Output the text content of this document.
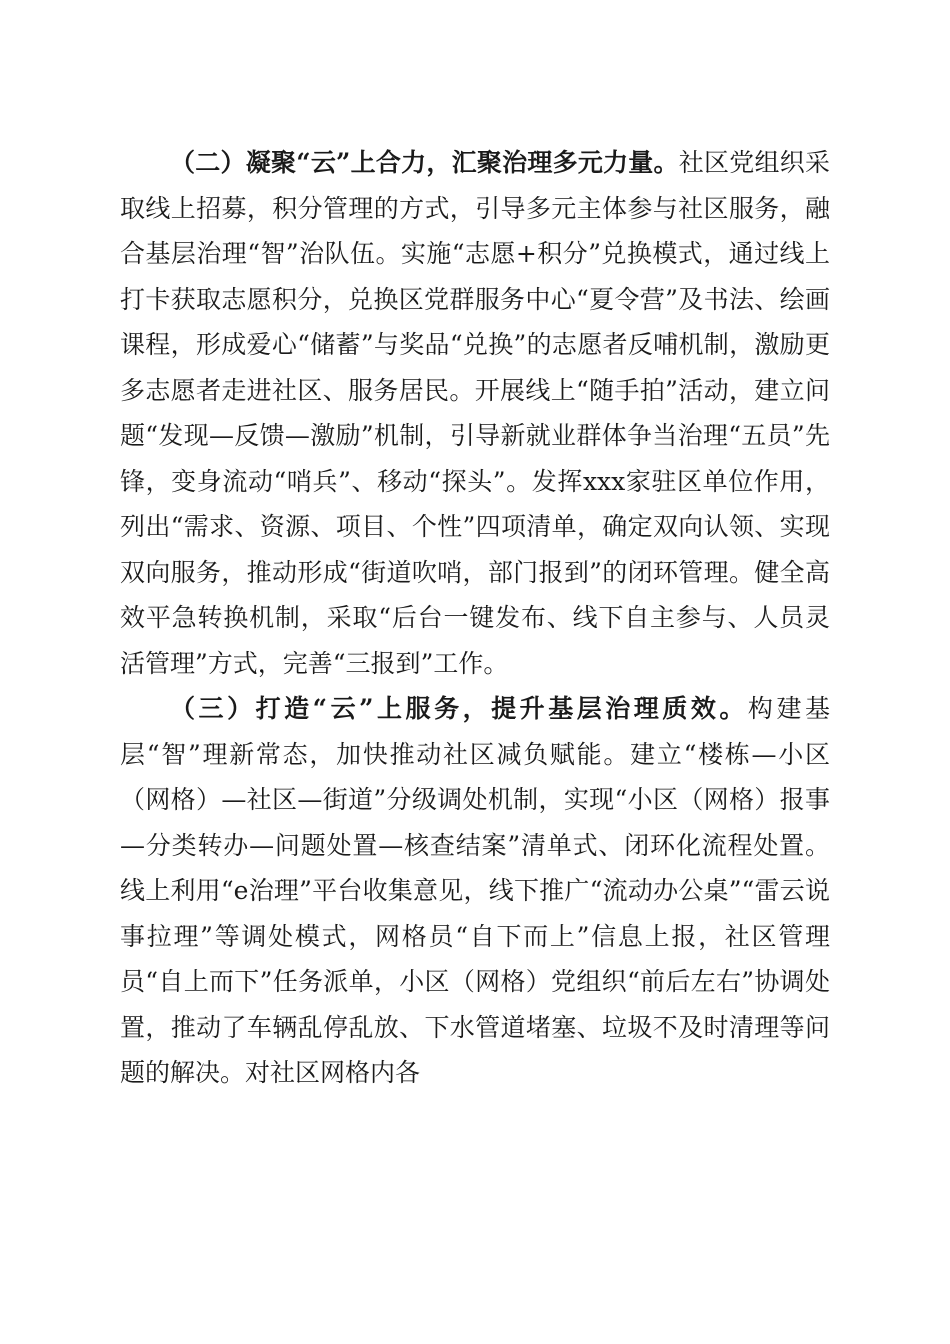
（二）凝聚“云”上合力，汇聚治理多元力量。社区党组织采取线上招募，积分管理的方式，引导多元主体参与社区服务，融合基层治理“智”治队伍。实施“志愿+积分”兑换模式，通过线上打卡获取志愿积分，兑换区党群服务中心“夏令营”及书法、绘画课程，形成爱心“储蓄”与奖品“兑换”的志愿者反哺机制，激励更多志愿者走进社区、服务居民。开展线上“随手拍”活动，建立问题“发现—反馈—激励”机制，引导新就业群体争当治理“五员”先锋，变身流动“哨兵”、移动“探头”。发挥xxx家驻区单位作用，列出“需求、资源、项目、个性”四项清单，确定双向认领、实现双向服务，推动形成“街道吹哨，部门报到”的闭环管理。健全高效平急转换机制，采取“后台一键发布、线下自主参与、人员灵活管理”方式，完善“三报到”工作。

（三）打造“云”上服务，提升基层治理质效。构建基层“智”理新常态，加快推动社区减负赋能。建立“楼栋—小区（网格）—社区—街道”分级调处机制，实现“小区（网格）报事—分类转办—问题处置—核查结案”清单式、闭环化流程处置。线上利用“e治理”平台收集意见，线下推广“流动办公桌”“雷云说事拉理”等调处模式，网格员“自下而上”信息上报，社区管理员“自上而下”任务派单，小区（网格）党组织“前后左右”协调处置，推动了车辆乱停乱放、下水管道堵塞、垃圾不及时清理等问题的解决。对社区网格内各
